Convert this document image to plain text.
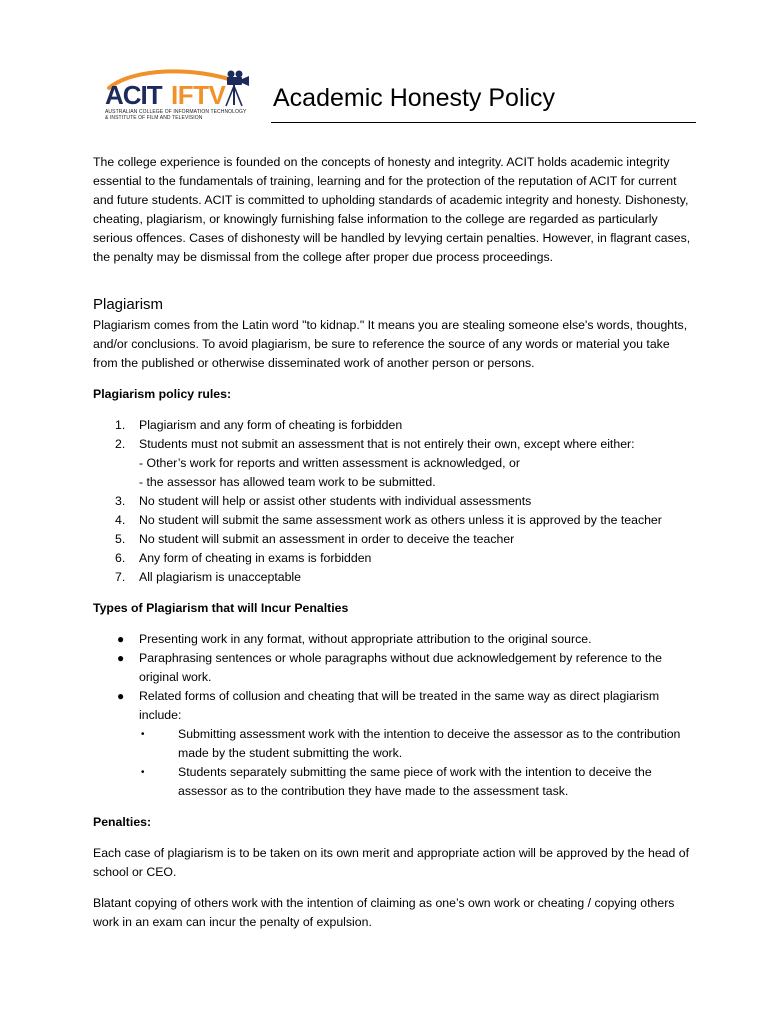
ACIT IFTV
AUSTRALIAN COLLEGE OF INFORMATION TECHNOLOGY
& INSTITUTE OF FILM AND TELEVISION
Academic Honesty Policy

The college experience is founded on the concepts of honesty and integrity. ACIT holds academic integrity essential to the fundamentals of training, learning and for the protection of the reputation of ACIT for current and future students. ACIT is committed to upholding standards of academic integrity and honesty. Dishonesty, cheating, plagiarism, or knowingly furnishing false information to the college are regarded as particularly serious offences. Cases of dishonesty will be handled by levying certain penalties. However, in flagrant cases, the penalty may be dismissal from the college after proper due process proceedings.

Plagiarism

Plagiarism comes from the Latin word "to kidnap." It means you are stealing someone else's words, thoughts, and/or conclusions. To avoid plagiarism, be sure to reference the source of any words or material you take from the published or otherwise disseminated work of another person or persons.

Plagiarism policy rules:

1. Plagiarism and any form of cheating is forbidden
2. Students must not submit an assessment that is not entirely their own, except where either:
- Other’s work for reports and written assessment is acknowledged, or
- the assessor has allowed team work to be submitted.
3. No student will help or assist other students with individual assessments
4. No student will submit the same assessment work as others unless it is approved by the teacher
5. No student will submit an assessment in order to deceive the teacher
6. Any form of cheating in exams is forbidden
7. All plagiarism is unacceptable

Types of Plagiarism that will Incur Penalties

● Presenting work in any format, without appropriate attribution to the original source.
● Paraphrasing sentences or whole paragraphs without due acknowledgement by reference to the original work.
● Related forms of collusion and cheating that will be treated in the same way as direct plagiarism include:
•	Submitting assessment work with the intention to deceive the assessor as to the contribution made by the student submitting the work.
•	Students separately submitting the same piece of work with the intention to deceive the assessor as to the contribution they have made to the assessment task.

Penalties:

Each case of plagiarism is to be taken on its own merit and appropriate action will be approved by the head of school or CEO.

Blatant copying of others work with the intention of claiming as one’s own work or cheating / copying others work in an exam can incur the penalty of expulsion.
